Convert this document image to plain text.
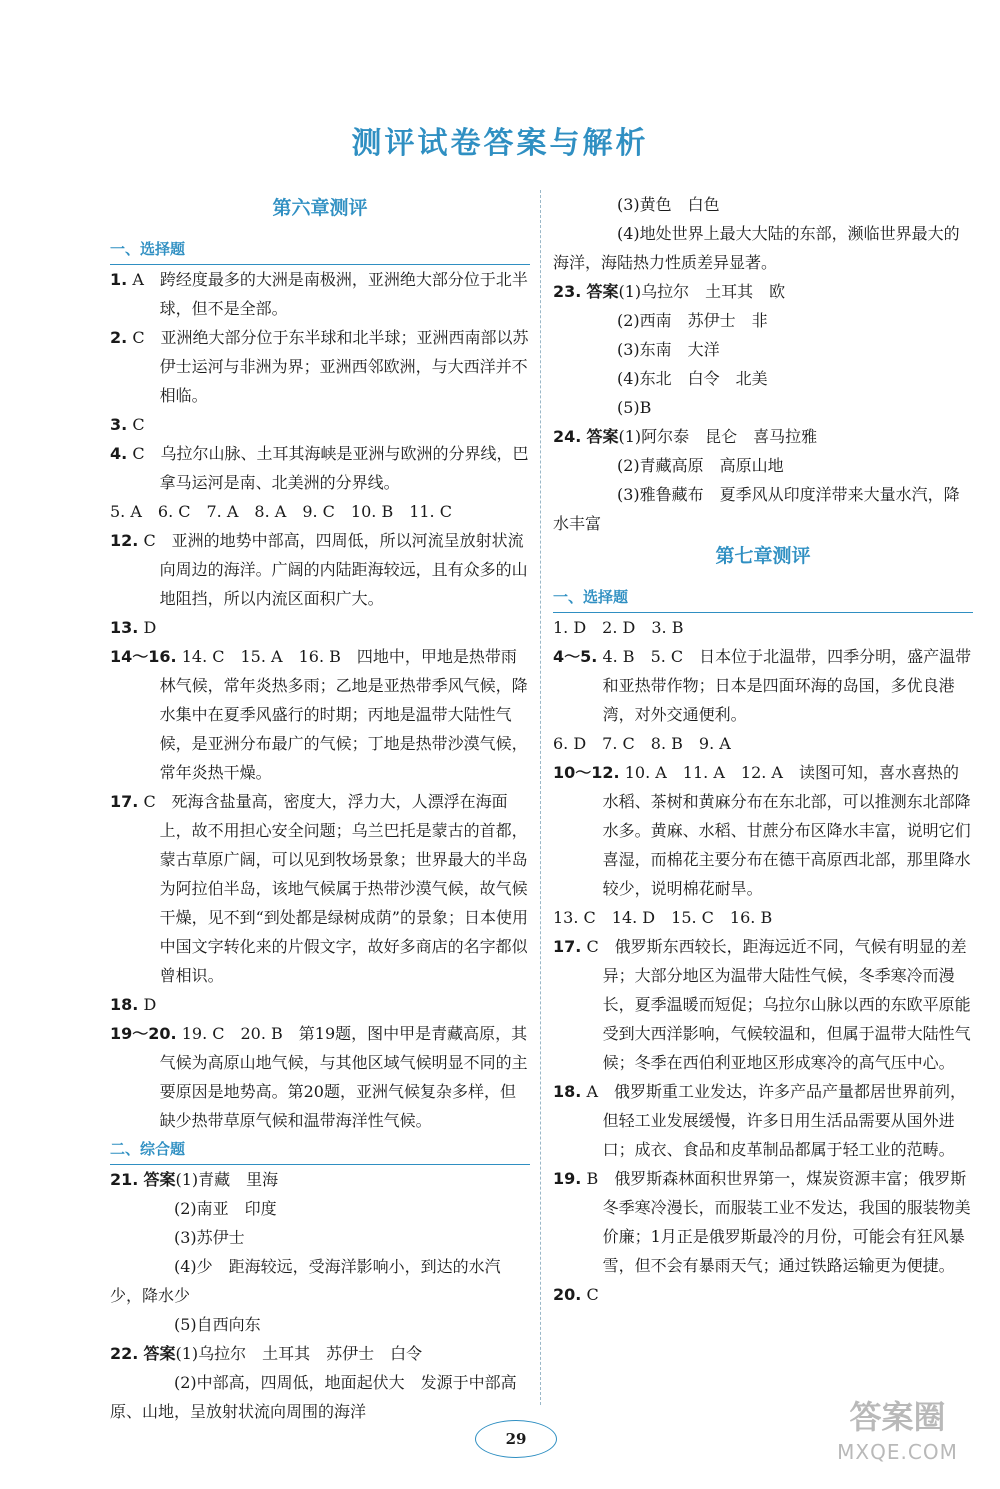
测评试卷答案与解析
第六章测评
一、选择题

1. A　跨经度最多的大洲是南极洲，亚洲绝大部分位于北半球，但不是全部。

2. C　亚洲绝大部分位于东半球和北半球；亚洲西南部以苏伊士运河与非洲为界；亚洲西邻欧洲，与大西洋并不相临。

3. C

4. C　乌拉尔山脉、土耳其海峡是亚洲与欧洲的分界线，巴拿马运河是南、北美洲的分界线。

5. A　6. C　7. A　8. A　9. C　10. B　11. C

12. C　亚洲的地势中部高，四周低，所以河流呈放射状流向周边的海洋。广阔的内陆距海较远，且有众多的山地阻挡，所以内流区面积广大。

13. D

14～16. 14. C　15. A　16. B　四地中，甲地是热带雨林气候，常年炎热多雨；乙地是亚热带季风气候，降水集中在夏季风盛行的时期；丙地是温带大陆性气候，是亚洲分布最广的气候；丁地是热带沙漠气候，常年炎热干燥。

17. C　死海含盐量高，密度大，浮力大，人漂浮在海面上，故不用担心安全问题；乌兰巴托是蒙古的首都，蒙古草原广阔，可以见到牧场景象；世界最大的半岛为阿拉伯半岛，该地气候属于热带沙漠气候，故气候干燥，见不到“到处都是绿树成荫”的景象；日本使用中国文字转化来的片假文字，故好多商店的名字都似曾相识。

18. D

19～20. 19. C　20. B　第19题，图中甲是青藏高原，其气候为高原山地气候，与其他区域气候明显不同的主要原因是地势高。第20题，亚洲气候复杂多样，但缺少热带草原气候和温带海洋性气候。

二、综合题

21. 答案(1)青藏　里海

(2)南亚　印度

(3)苏伊士

(4)少　距海较远，受海洋影响小，到达的水汽少，降水少

(5)自西向东

22. 答案(1)乌拉尔　土耳其　苏伊士　白令

(2)中部高，四周低，地面起伏大　发源于中部高原、山地，呈放射状流向周围的海洋

(3)黄色　白色

(4)地处世界上最大大陆的东部，濒临世界最大的海洋，海陆热力性质差异显著。

23. 答案(1)乌拉尔　土耳其　欧

(2)西南　苏伊士　非

(3)东南　大洋

(4)东北　白令　北美

(5)B

24. 答案(1)阿尔泰　昆仑　喜马拉雅

(2)青藏高原　高原山地

(3)雅鲁藏布　夏季风从印度洋带来大量水汽，降水丰富

第七章测评
一、选择题

1. D　2. D　3. B

4～5. 4. B　5. C　日本位于北温带，四季分明，盛产温带和亚热带作物；日本是四面环海的岛国，多优良港湾，对外交通便利。

6. D　7. C　8. B　9. A

10～12. 10. A　11. A　12. A　读图可知，喜水喜热的水稻、茶树和黄麻分布在东北部，可以推测东北部降水多。黄麻、水稻、甘蔗分布区降水丰富，说明它们喜湿，而棉花主要分布在德干高原西北部，那里降水较少，说明棉花耐旱。

13. C　14. D　15. C　16. B

17. C　俄罗斯东西较长，距海远近不同，气候有明显的差异；大部分地区为温带大陆性气候，冬季寒冷而漫长，夏季温暖而短促；乌拉尔山脉以西的东欧平原能受到大西洋影响，气候较温和，但属于温带大陆性气候；冬季在西伯利亚地区形成寒冷的高气压中心。

18. A　俄罗斯重工业发达，许多产品产量都居世界前列，但轻工业发展缓慢，许多日用生活品需要从国外进口；成衣、食品和皮革制品都属于轻工业的范畴。

19. B　俄罗斯森林面积世界第一，煤炭资源丰富；俄罗斯冬季寒冷漫长，而服装工业不发达，我国的服装物美价廉；1月正是俄罗斯最冷的月份，可能会有狂风暴雪，但不会有暴雨天气；通过铁路运输更为便捷。

20. C

29
答案圈
MXQE.COM
